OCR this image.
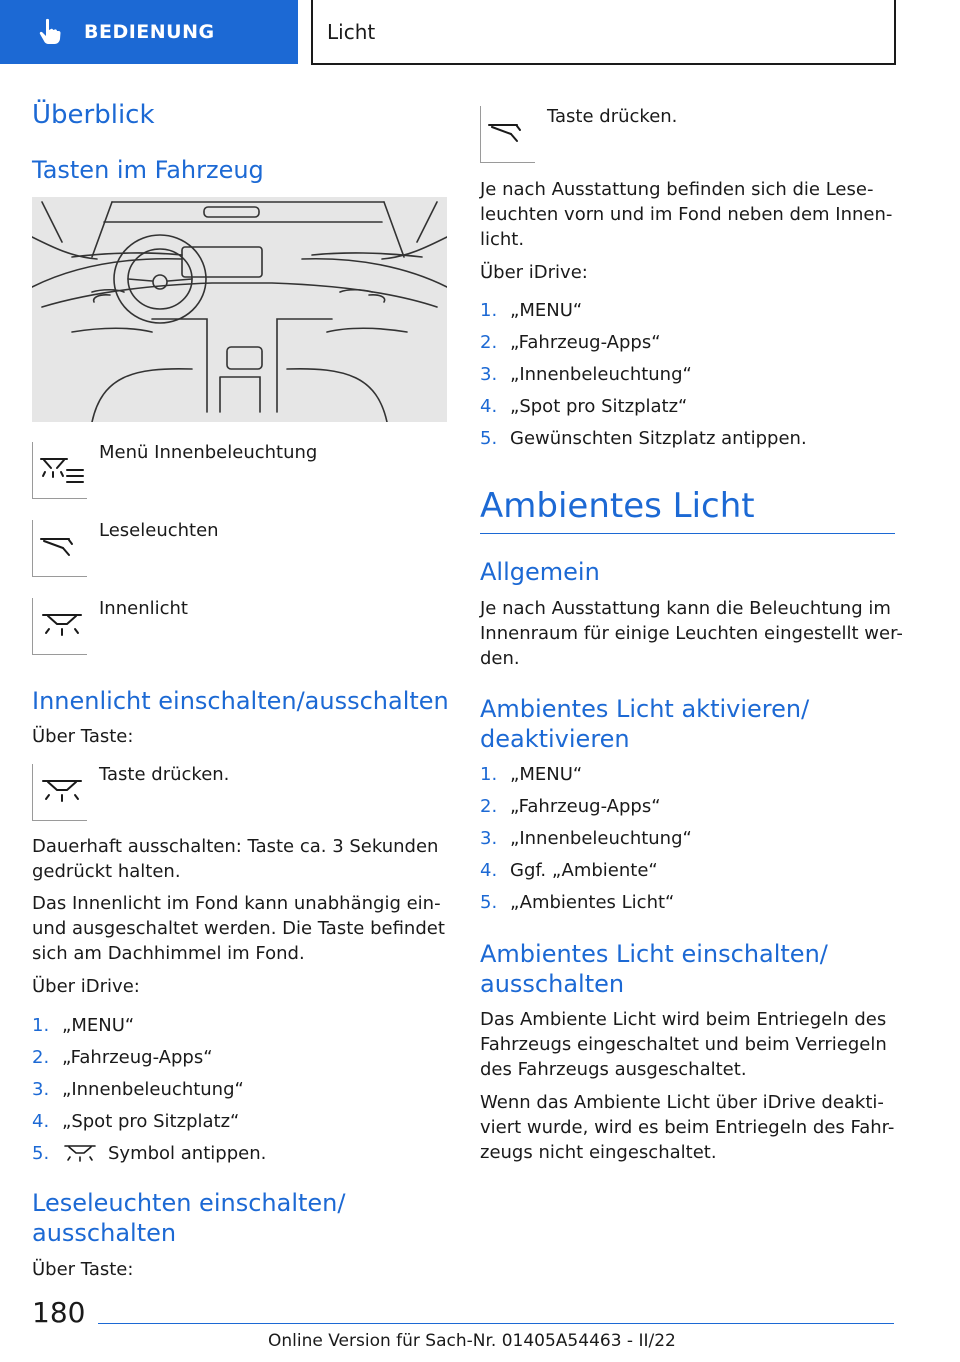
BEDIENUNG	Licht
Überblick
Tasten im Fahrzeug
Menü Innenbeleuchtung
Leseleuchten
Innenlicht
Innenlicht einschalten/ausschalten
Über Taste:
Taste drücken.
Dauerhaft ausschalten: Taste ca. 3 Sekunden
gedrückt halten.
Das Innenlicht im Fond kann unabhängig ein-
und ausgeschaltet werden. Die Taste befindet
sich am Dachhimmel im Fond.
Über iDrive:
1. „MENU“
2. „Fahrzeug-Apps“
3. „Innenbeleuchtung“
4. „Spot pro Sitzplatz“
5.	Symbol antippen.
Leseleuchten einschalten/
ausschalten
Über Taste:
Taste drücken.
Je nach Ausstattung befinden sich die Lese-
leuchten vorn und im Fond neben dem Innen-
licht.
Über iDrive:
1. „MENU“
2. „Fahrzeug-Apps“
3. „Innenbeleuchtung“
4. „Spot pro Sitzplatz“
5. Gewünschten Sitzplatz antippen.
Ambientes Licht
Allgemein
Je nach Ausstattung kann die Beleuchtung im
Innenraum für einige Leuchten eingestellt wer-
den.
Ambientes Licht aktivieren/
deaktivieren
1. „MENU“
2. „Fahrzeug-Apps“
3. „Innenbeleuchtung“
4. Ggf. „Ambiente“
5. „Ambientes Licht“
Ambientes Licht einschalten/
ausschalten
Das Ambiente Licht wird beim Entriegeln des
Fahrzeugs eingeschaltet und beim Verriegeln
des Fahrzeugs ausgeschaltet.
Wenn das Ambiente Licht über iDrive deakti-
viert wurde, wird es beim Entriegeln des Fahr-
zeugs nicht eingeschaltet.
180
Online Version für Sach-Nr. 01405A54463 - II/22
